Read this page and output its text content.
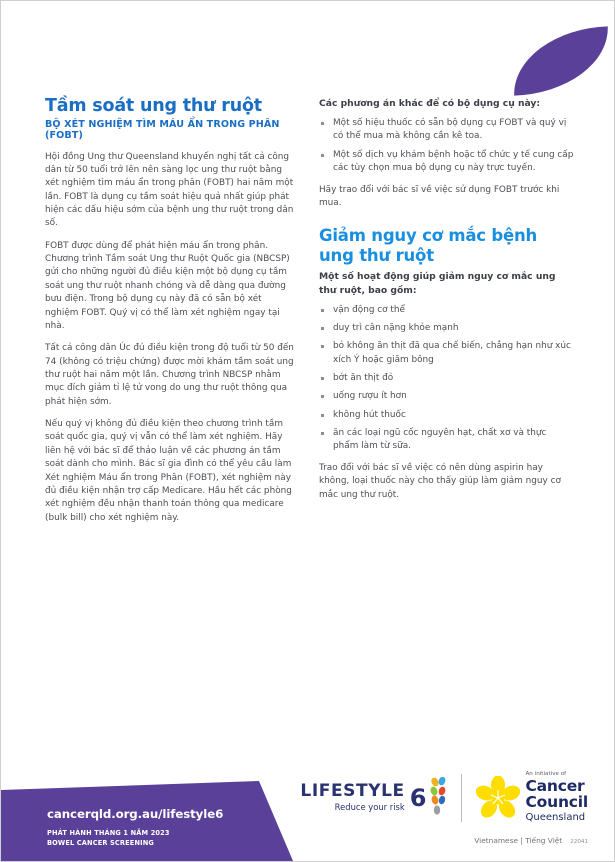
Tầm soát ung thư ruột
BỘ XÉT NGHIỆM TÌM MÁU ẨN TRONG PHÂN (FOBT)

Hội đồng Ung thư Queensland khuyến nghị tất cả công dân từ 50 tuổi trở lên nên sàng lọc ung thư ruột bằng xét nghiệm tìm máu ẩn trong phân (FOBT) hai năm một lần. FOBT là dụng cụ tầm soát hiệu quả nhất giúp phát hiện các dấu hiệu sớm của bệnh ung thư ruột trong dân số.

FOBT được dùng để phát hiện máu ẩn trong phân. Chương trình Tầm soát Ung thư Ruột Quốc gia (NBCSP) gửi cho những người đủ điều kiện một bộ dụng cụ tầm soát ung thư ruột nhanh chóng và dễ dàng qua đường bưu điện. Trong bộ dụng cụ này đã có sẵn bộ xét nghiệm FOBT. Quý vị có thể làm xét nghiệm ngay tại nhà.

Tất cả công dân Úc đủ điều kiện trong độ tuổi từ 50 đến 74 (không có triệu chứng) được mời khám tầm soát ung thư ruột hai năm một lần. Chương trình NBCSP nhằm mục đích giảm tỉ lệ tử vong do ung thư ruột thông qua phát hiện sớm.

Nếu quý vị không đủ điều kiện theo chương trình tầm soát quốc gia, quý vị vẫn có thể làm xét nghiệm. Hãy liên hệ với bác sĩ để thảo luận về các phương án tầm soát dành cho mình. Bác sĩ gia đình có thể yêu cầu làm Xét nghiệm Máu ẩn trong Phân (FOBT), xét nghiệm này đủ điều kiện nhận trợ cấp Medicare. Hầu hết các phòng xét nghiệm đều nhận thanh toán thông qua medicare (bulk bill) cho xét nghiệm này.

Các phương án khác để có bộ dụng cụ này:

Một số hiệu thuốc có sẵn bộ dụng cụ FOBT và quý vị có thể mua mà không cần kê toa.
Một số dịch vụ khám bệnh hoặc tổ chức y tế cung cấp các tùy chọn mua bộ dụng cụ này trực tuyến.

Hãy trao đổi với bác sĩ về việc sử dụng FOBT trước khi mua.

Giảm nguy cơ mắc bệnh ung thư ruột

Một số hoạt động giúp giảm nguy cơ mắc ung thư ruột, bao gồm:

vận động cơ thể
duy trì cân nặng khỏe mạnh
bỏ không ăn thịt đã qua chế biến, chẳng hạn như xúc xích Ý hoặc giăm bông
bớt ăn thịt đỏ
uống rượu ít hơn
không hút thuốc
ăn các loại ngũ cốc nguyên hạt, chất xơ và thực phẩm làm từ sữa.

Trao đổi với bác sĩ về việc có nên dùng aspirin hay không, loại thuốc này cho thấy giúp làm giảm nguy cơ mắc ung thư ruột.

cancerqld.org.au/lifestyle6
PHÁT HÀNH THÁNG 1 NĂM 2023
BOWEL CANCER SCREENING
LIFESTYLE
Reduce your risk 6
An initiative of
Cancer
Council
Queensland
Vietnamese | Tiếng Việt 22041
